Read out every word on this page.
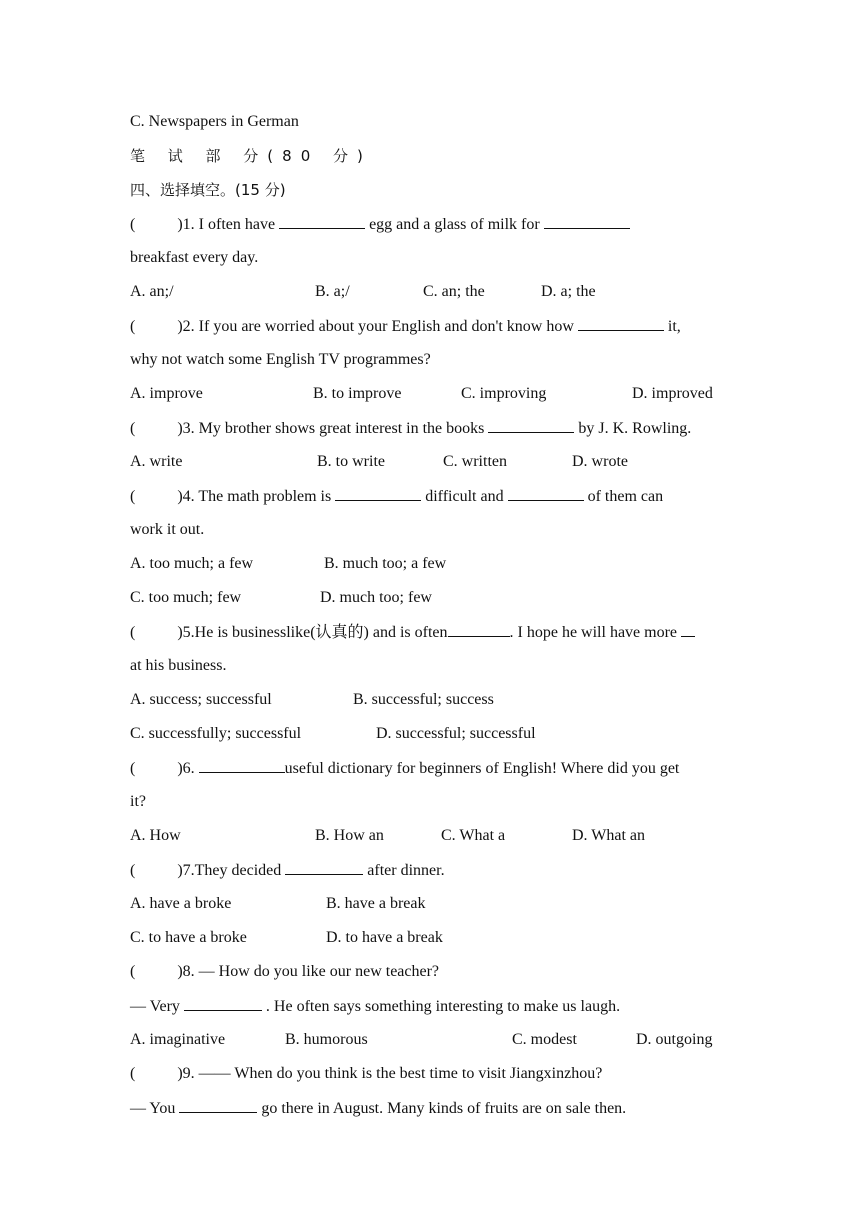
C. Newspapers in German
笔 试 部 分(80 分)
四、选择填空。(15 分)
(	)1. I often have	egg and a glass of milk for
breakfast every day.
A. an;/	B. a;/	C. an; the	D. a; the
(	)2. If you are worried about your English and don't know how	it,
why not watch some English TV programmes?
A. improve	B. to improve	C. improving	D. improved
(	)3. My brother shows great interest in the books	by J. K. Rowling.
A. write	B. to write	C. written	D. wrote
(	)4. The math problem is	difficult and	of them can
work it out.
A. too much; a few	B. much too; a few
C. too much; few	D. much too; few
(	)5.He is businesslike(认真的) and is often	. I hope he will have more
at his business.
A. success; successful	B. successful; success
C. successfully; successful	D. successful; successful
(	)6.	useful dictionary for beginners of English! Where did you get
it?
A. How	B. How an	C. What a	D. What an
(	)7.They decided	after dinner.
A. have a broke	B. have a break
C. to have a broke	D. to have a break
(	)8. — How do you like our new teacher?
— Very	. He often says something interesting to make us laugh.
A. imaginative	B. humorous	C. modest	D. outgoing
(	)9. —— When do you think is the best time to visit Jiangxinzhou?
— You	go there in August. Many kinds of fruits are on sale then.
